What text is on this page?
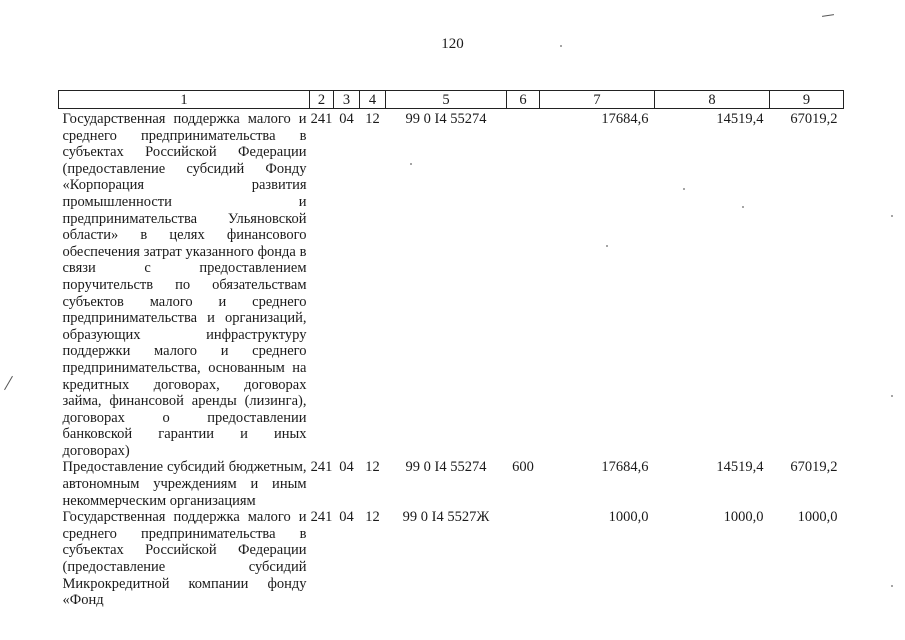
120
1	2	3	4	5	6	7	8	9

Государственная поддержка малого и среднего предпринимательства в субъектах Российской Федерации (предоставление субсидий Фонду «Корпорация развития промышленности и предпринимательства Ульяновской области» в целях финансового обеспечения затрат указанного фонда в связи с предоставлением поручительств по обязательствам субъектов малого и среднего предпринимательства и организаций, образующих инфраструктуру поддержки малого и среднего предпринимательства, основанным на кредитных договорах, договорах займа, финансовой аренды (лизинга), договорах о предоставлении банковской гарантии и иных договорах)	241	04	12	99 0 I4 55274		17684,6	14519,4	67019,2
Предоставление субсидий бюджетным, автономным учреждениям и иным некоммерческим организациям	241	04	12	99 0 I4 55274	600	17684,6	14519,4	67019,2
Государственная поддержка малого и среднего предпринимательства в субъектах Российской Федерации (предоставление субсидий Микрокредитной компании фонду «Фонд	241	04	12	99 0 I4 5527Ж		1000,0	1000,0	1000,0
